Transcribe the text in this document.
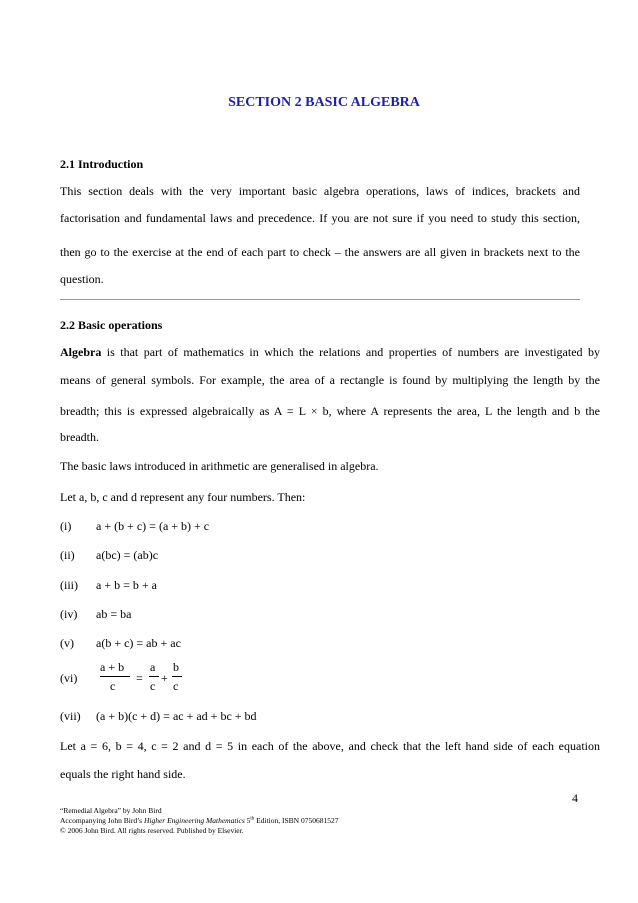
SECTION 2 BASIC ALGEBRA
2.1 Introduction
This section deals with the very important basic algebra operations, laws of indices, brackets and
factorisation and fundamental laws and precedence. If you are not sure if you need to study this section,
then go to the exercise at the end of each part to check – the answers are all given in brackets next to the
question.
2.2 Basic operations
Algebra is that part of mathematics in which the relations and properties of numbers are investigated by
means of general symbols. For example, the area of a rectangle is found by multiplying the length by the
breadth; this is expressed algebraically as A = L × b, where A represents the area, L the length and b the
breadth.
The basic laws introduced in arithmetic are generalised in algebra.
Let a, b, c and d represent any four numbers. Then:
(i) a + (b + c) = (a + b) + c
(ii) a(bc) = (ab)c
(iii) a + b = b + a
(iv) ab = ba
(v) a(b + c) = ab + ac
(vi)
a + b
c
=
a
c
+
b
c
(vii) (a + b)(c + d) = ac + ad + bc + bd
Let a = 6, b = 4, c = 2 and d = 5 in each of the above, and check that the left hand side of each equation
equals the right hand side.
4
“Remedial Algebra” by John Bird
Accompanying John Bird’s Higher Engineering Mathematics 5th Edition, ISBN 0750681527
© 2006 John Bird. All rights reserved. Published by Elsevier.
